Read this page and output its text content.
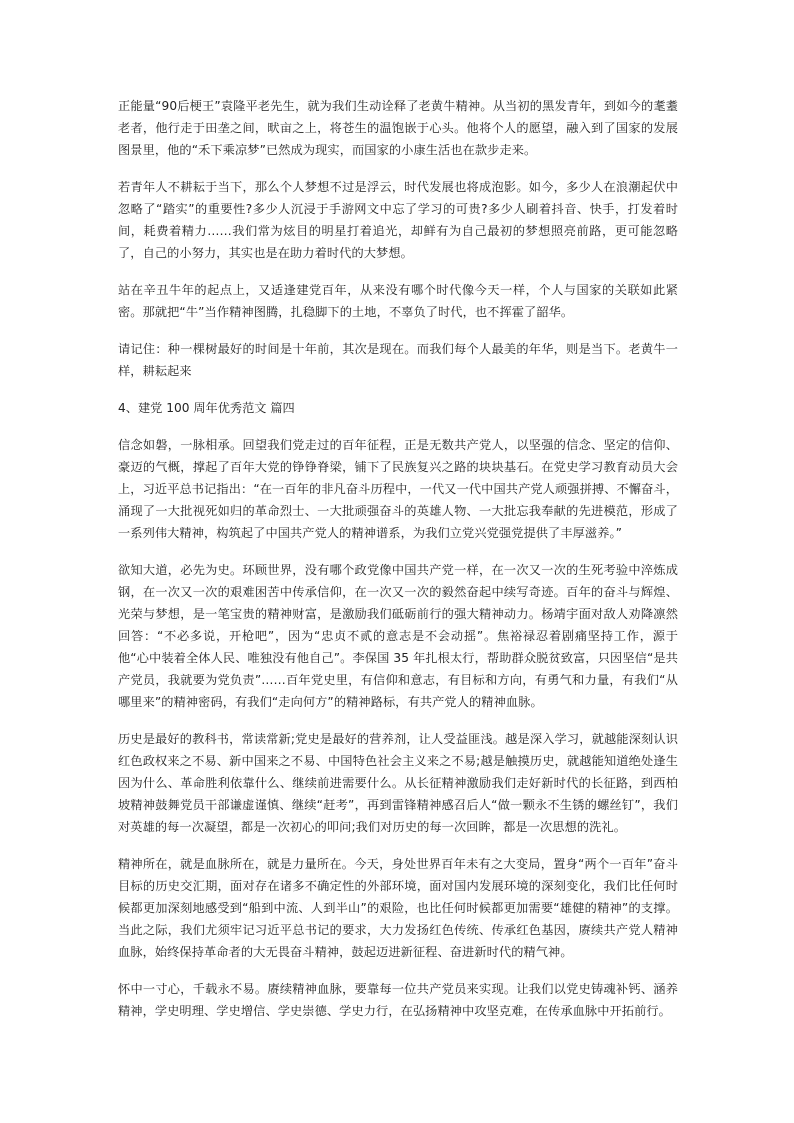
正能量“90后梗王”袁隆平老先生，就为我们生动诠释了老黄牛精神。从当初的黑发青年，到如今的耄耋老者，他行走于田垄之间，畎亩之上，将苍生的温饱嵌于心头。他将个人的愿望，融入到了国家的发展图景里，他的“禾下乘凉梦”已然成为现实，而国家的小康生活也在款步走来。

若青年人不耕耘于当下，那么个人梦想不过是浮云，时代发展也将成泡影。如今，多少人在浪潮起伏中忽略了“踏实”的重要性?多少人沉浸于手游网文中忘了学习的可贵?多少人刷着抖音、快手，打发着时间，耗费着精力……我们常为炫目的明星打着追光，却鲜有为自己最初的梦想照亮前路，更可能忽略了，自己的小努力，其实也是在助力着时代的大梦想。

站在辛丑牛年的起点上，又适逢建党百年，从来没有哪个时代像今天一样，个人与国家的关联如此紧密。那就把“牛”当作精神图腾，扎稳脚下的土地，不辜负了时代，也不挥霍了韶华。

请记住：种一棵树最好的时间是十年前，其次是现在。而我们每个人最美的年华，则是当下。老黄牛一样，耕耘起来

4、建党 100 周年优秀范文 篇四

信念如磐，一脉相承。回望我们党走过的百年征程，正是无数共产党人，以坚强的信念、坚定的信仰、豪迈的气概，撑起了百年大党的铮铮脊梁，铺下了民族复兴之路的块块基石。在党史学习教育动员大会上，习近平总书记指出：“在一百年的非凡奋斗历程中，一代又一代中国共产党人顽强拼搏、不懈奋斗，涌现了一大批视死如归的革命烈士、一大批顽强奋斗的英雄人物、一大批忘我奉献的先进模范，形成了一系列伟大精神，构筑起了中国共产党人的精神谱系，为我们立党兴党强党提供了丰厚滋养。”

欲知大道，必先为史。环顾世界，没有哪个政党像中国共产党一样，在一次又一次的生死考验中淬炼成钢，在一次又一次的艰难困苦中传承信仰，在一次又一次的毅然奋起中续写奇迹。百年的奋斗与辉煌、光荣与梦想，是一笔宝贵的精神财富，是激励我们砥砺前行的强大精神动力。杨靖宇面对敌人劝降凛然回答：“不必多说，开枪吧”，因为“忠贞不贰的意志是不会动摇”。焦裕禄忍着剧痛坚持工作，源于他“心中装着全体人民、唯独没有他自己”。李保国 35 年扎根太行，帮助群众脱贫致富，只因坚信“是共产党员，我就要为党负责”……百年党史里，有信仰和意志，有目标和方向，有勇气和力量，有我们“从哪里来”的精神密码，有我们“走向何方”的精神路标，有共产党人的精神血脉。

历史是最好的教科书，常读常新;党史是最好的营养剂，让人受益匪浅。越是深入学习，就越能深刻认识红色政权来之不易、新中国来之不易、中国特色社会主义来之不易;越是触摸历史，就越能知道绝处逢生因为什么、革命胜利依靠什么、继续前进需要什么。从长征精神激励我们走好新时代的长征路，到西柏坡精神鼓舞党员干部谦虚谨慎、继续“赶考”，再到雷锋精神感召后人“做一颗永不生锈的螺丝钉”，我们对英雄的每一次凝望，都是一次初心的叩问;我们对历史的每一次回眸，都是一次思想的洗礼。

精神所在，就是血脉所在，就是力量所在。今天，身处世界百年未有之大变局，置身“两个一百年”奋斗目标的历史交汇期，面对存在诸多不确定性的外部环境，面对国内发展环境的深刻变化，我们比任何时候都更加深刻地感受到“船到中流、人到半山”的艰险，也比任何时候都更加需要“雄健的精神”的支撑。当此之际，我们尤须牢记习近平总书记的要求，大力发扬红色传统、传承红色基因，赓续共产党人精神血脉，始终保持革命者的大无畏奋斗精神，鼓起迈进新征程、奋进新时代的精气神。

怀中一寸心，千载永不易。赓续精神血脉，要靠每一位共产党员来实现。让我们以党史铸魂补钙、涵养精神，学史明理、学史增信、学史崇德、学史力行，在弘扬精神中攻坚克难，在传承血脉中开拓前行。
